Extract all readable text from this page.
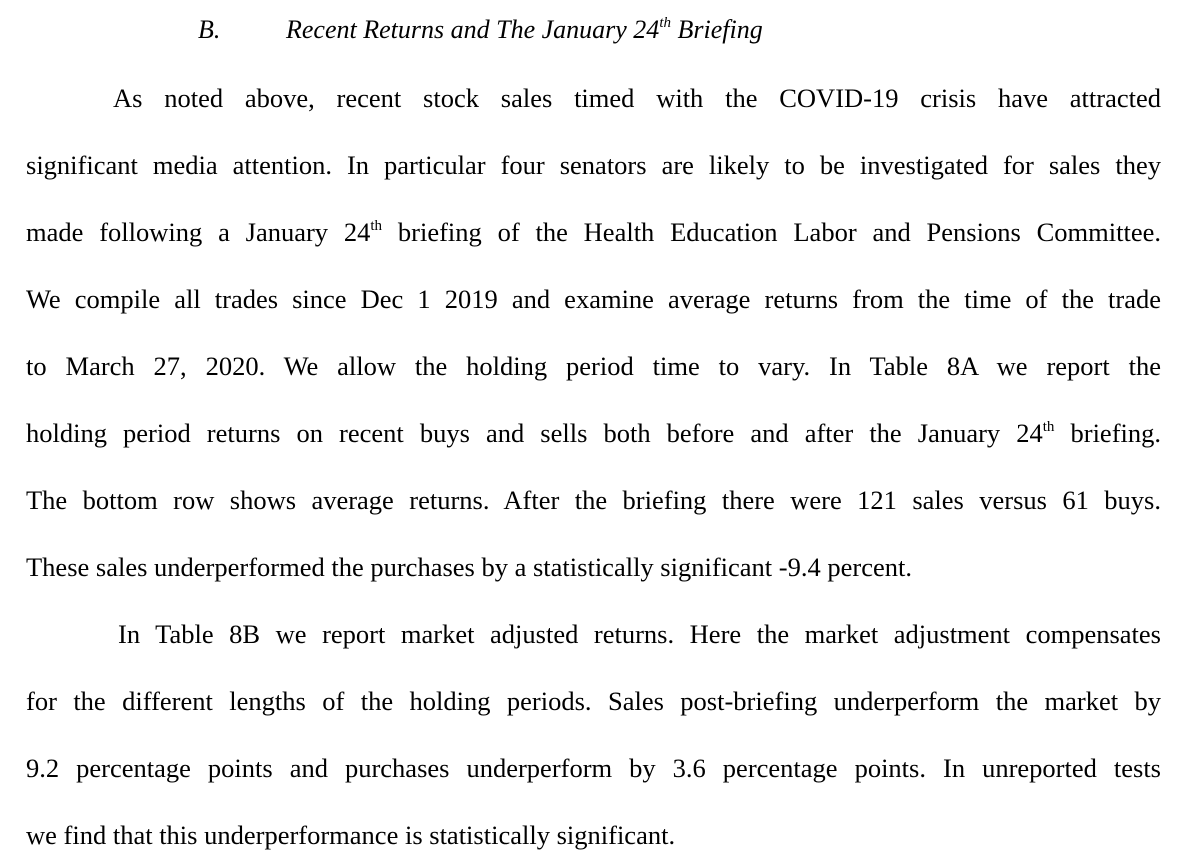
B.	Recent Returns and The January 24th Briefing
As noted above, recent stock sales timed with the COVID-19 crisis have attracted
significant media attention. In particular four senators are likely to be investigated for sales they
made following a January 24th briefing of the Health Education Labor and Pensions Committee.
We compile all trades since Dec 1 2019 and examine average returns from the time of the trade
to March 27, 2020. We allow the holding period time to vary. In Table 8A we report the
holding period returns on recent buys and sells both before and after the January 24th briefing.
The bottom row shows average returns. After the briefing there were 121 sales versus 61 buys.
These sales underperformed the purchases by a statistically significant -9.4 percent.
In Table 8B we report market adjusted returns. Here the market adjustment compensates
for the different lengths of the holding periods. Sales post-briefing underperform the market by
9.2 percentage points and purchases underperform by 3.6 percentage points. In unreported tests
we find that this underperformance is statistically significant.
